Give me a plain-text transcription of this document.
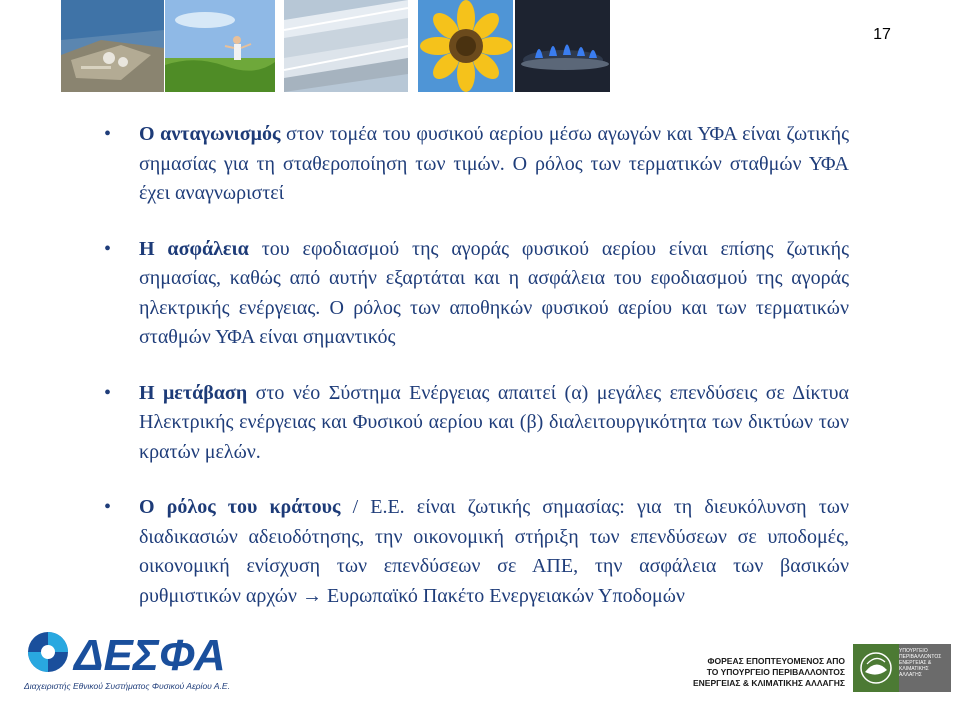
17

• Ο ανταγωνισμός στον τομέα του φυσικού αερίου μέσω αγωγών και ΥΦΑ είναι ζωτικής σημασίας για τη σταθεροποίηση των τιμών. Ο ρόλος των τερματικών σταθμών ΥΦΑ έχει αναγνωριστεί

• Η ασφάλεια του εφοδιασμού της αγοράς φυσικού αερίου είναι επίσης ζωτικής σημασίας, καθώς από αυτήν εξαρτάται και η ασφάλεια του εφοδιασμού της αγοράς ηλεκτρικής ενέργειας. Ο ρόλος των αποθηκών φυσικού αερίου και των τερματικών σταθμών ΥΦΑ είναι σημαντικός

• Η μετάβαση στο νέο Σύστημα Ενέργειας απαιτεί (α) μεγάλες επενδύσεις σε Δίκτυα Ηλεκτρικής ενέργειας και Φυσικού αερίου και (β) διαλειτουργικότητα των δικτύων των κρατών μελών.

• Ο ρόλος του κράτους / Ε.Ε. είναι ζωτικής σημασίας: για τη διευκόλυνση των διαδικασιών αδειοδότησης, την οικονομική στήριξη των επενδύσεων σε υποδομές, οικονομική ενίσχυση των επενδύσεων σε ΑΠΕ, την ασφάλεια των βασικών ρυθμιστικών αρχών → Ευρωπαϊκό Πακέτο Ενεργειακών Υποδομών

ΔΕΣΦΑ
Διαχειριστής Εθνικού Συστήματος Φυσικού Αερίου Α.Ε.
ΦΟΡΕΑΣ ΕΠΟΠΤΕΥΟΜΕΝΟΣ ΑΠΟ
ΤΟ ΥΠΟΥΡΓΕΙΟ ΠΕΡΙΒΑΛΛΟΝΤΟΣ
ΕΝΕΡΓΕΙΑΣ & ΚΛΙΜΑΤΙΚΗΣ ΑΛΛΑΓΗΣ
ΥΠΟΥΡΓΕΙΟ ΠΕΡΙΒΑΛΛΟΝΤΟΣ ΕΝΕΡΓΕΙΑΣ & ΚΛΙΜΑΤΙΚΗΣ ΑΛΛΑΓΗΣ
